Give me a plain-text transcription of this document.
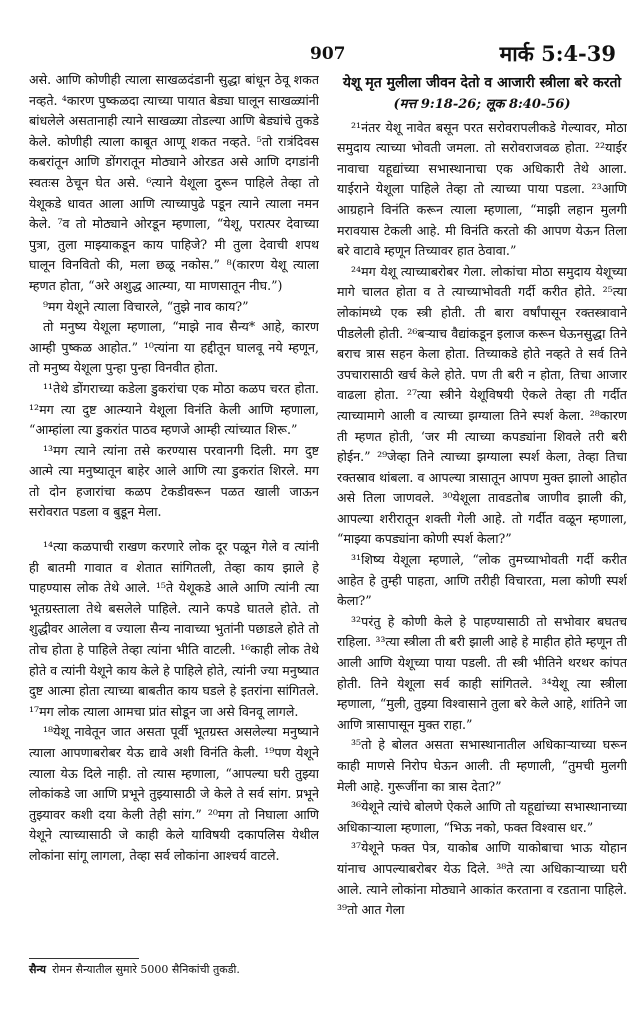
907	मार्क 5:4-39

असे. आणि कोणीही त्याला साखळदंडानी सुद्धा बांधून ठेवू शकत नव्हते. ⁴कारण पुष्कळदा त्याच्या पायात बेड्या घालून साखळ्यांनी बांधलेले असतानाही त्याने साखळ्या तोडल्या आणि बेड्यांचे तुकडे केले. कोणीही त्याला काबूत आणू शकत नव्हते. ⁵तो रात्रंदिवस कबरांतून आणि डोंगरातून मोठ्याने ओरडत असे आणि दगडांनी स्वतःस ठेचून घेत असे. ⁶त्याने येशूला दुरून पाहिले तेव्हा तो येशूकडे धावत आला आणि त्याच्यापुढे पडून त्याने त्याला नमन केले. ⁷व तो मोठ्याने ओरडून म्हणाला, “येशू, परात्पर देवाच्या पुत्रा, तुला माझ्याकडून काय पाहिजे? मी तुला देवाची शपथ घालून विनवितो की, मला छळू नकोस.” ⁸(कारण येशू त्याला म्हणत होता, “अरे अशुद्ध आत्म्या, या माणसातून नीघ.”)

⁹मग येशूने त्याला विचारले, “तुझे नाव काय?”

तो मनुष्य येशूला म्हणाला, “माझे नाव सैन्य* आहे, कारण आम्ही पुष्कळ आहोत.” ¹⁰त्यांना या हद्दीतून घालवू नये म्हणून, तो मनुष्य येशूला पुन्हा पुन्हा विनवीत होता.

¹¹तेथे डोंगराच्या कडेला डुकरांचा एक मोठा कळप चरत होता. ¹²मग त्या दुष्ट आत्म्याने येशूला विनंति केली आणि म्हणाला, “आम्हांला त्या डुकरांत पाठव म्हणजे आम्ही त्यांच्यात शिरू.”

¹³मग त्याने त्यांना तसे करण्यास परवानगी दिली. मग दुष्ट आत्मे त्या मनुष्यातून बाहेर आले आणि त्या डुकरांत शिरले. मग तो दोन हजारांचा कळप टेकडीवरून पळत खाली जाऊन सरोवरात पडला व बुडून मेला.

¹⁴त्या कळपाची राखण करणारे लोक दूर पळून गेले व त्यांनी ही बातमी गावात व शेतात सांगितली, तेव्हा काय झाले हे पाहण्यास लोक तेथे आले. ¹⁵ते येशूकडे आले आणि त्यांनी त्या भूतग्रस्ताला तेथे बसलेले पाहिले. त्याने कपडे घातले होते. तो शुद्धीवर आलेला व ज्याला सैन्य नावाच्या भुतांनी पछाडले होते तो तोच होता हे पाहिले तेव्हा त्यांना भीति वाटली. ¹⁶काही लोक तेथे होते व त्यांनी येशूने काय केले हे पाहिले होते, त्यांनी ज्या मनुष्यात दुष्ट आत्मा होता त्याच्या बाबतीत काय घडले हे इतरांना सांगितले. ¹⁷मग लोक त्याला आमचा प्रांत सोडून जा असे विनवू लागले.

¹⁸येशू नावेतून जात असता पूर्वी भूतग्रस्त असलेल्या मनुष्याने त्याला आपणाबरोबर येऊ द्यावे अशी विनंति केली. ¹⁹पण येशूने त्याला येऊ दिले नाही. तो त्यास म्हणाला, “आपल्या घरी तुझ्या लोकांकडे जा आणि प्रभूने तुझ्यासाठी जे केले ते सर्व सांग. प्रभूने तुझ्यावर कशी दया केली तेही सांग.” ²⁰मग तो निघाला आणि येशूने त्याच्यासाठी जे काही केले याविषयी दकापलिस येथील लोकांना सांगू लागला, तेव्हा सर्व लोकांना आश्चर्य वाटले.

येशू मृत मुलीला जीवन देतो व आजारी स्त्रीला बरे करतो
(मत्त 9:18-26; लूक 8:40-56)

²¹नंतर येशू नावेत बसून परत सरोवरापलीकडे गेल्यावर, मोठा समुदाय त्याच्या भोवती जमला. तो सरोवराजवळ होता. ²²याईर नावाचा यहूद्यांच्या सभास्थानाचा एक अधिकारी तेथे आला. याईराने येशूला पाहिले तेव्हा तो त्याच्या पाया पडला. ²³आणि आग्रहाने विनंति करून त्याला म्हणाला, “माझी लहान मुलगी मरावयास टेकली आहे. मी विनंति करतो की आपण येऊन तिला बरे वाटावे म्हणून तिच्यावर हात ठेवावा.”

²⁴मग येशू त्याच्याबरोबर गेला. लोकांचा मोठा समुदाय येशूच्या मागे चालत होता व ते त्याच्याभोवती गर्दी करीत होते. ²⁵त्या लोकांमध्ये एक स्त्री होती. ती बारा वर्षांपासून रक्तस्त्रावाने पीडलेली होती. ²⁶बऱ्याच वैद्यांकडून इलाज करून घेऊनसुद्धा तिने बराच त्रास सहन केला होता. तिच्याकडे होते नव्हते ते सर्व तिने उपचारासाठी खर्च केले होते. पण ती बरी न होता, तिचा आजार वाढला होता. ²⁷त्या स्त्रीने येशूविषयी ऐकले तेव्हा ती गर्दीत त्याच्यामागे आली व त्याच्या झग्याला तिने स्पर्श केला. ²⁸कारण ती म्हणत होती, ‘जर मी त्याच्या कपड्यांना शिवले तरी बरी होईन.” ²⁹जेव्हा तिने त्याच्या झग्याला स्पर्श केला, तेव्हा तिचा रक्तस्राव थांबला. व आपल्या त्रासातून आपण मुक्त झालो आहोत असे तिला जाणवले. ³⁰येशूला तावडतोब जाणीव झाली की, आपल्या शरीरातून शक्ती गेली आहे. तो गर्दीत वळून म्हणाला, “माझ्या कपड्यांना कोणी स्पर्श केला?”

³¹शिष्य येशूला म्हणाले, “लोक तुमच्याभोवती गर्दी करीत आहेत हे तुम्ही पाहता, आणि तरीही विचारता, मला कोणी स्पर्श केला?”

³²परंतु हे कोणी केले हे पाहण्यासाठी तो सभोवार बघतच राहिला. ³³त्या स्त्रीला ती बरी झाली आहे हे माहीत होते म्हणून ती आली आणि येशूच्या पाया पडली. ती स्त्री भीतिने थरथर कांपत होती. तिने येशूला सर्व काही सांगितले. ³⁴येशू त्या स्त्रीला म्हणाला, “मुली, तुझ्या विश्वासाने तुला बरे केले आहे, शांतिने जा आणि त्रासापासून मुक्त राहा.”

³⁵तो हे बोलत असता सभास्थानातील अधिकाऱ्याच्या घरून काही माणसे निरोप घेऊन आली. ती म्हणाली, “तुमची मुलगी मेली आहे. गुरूजींना का त्रास देता?”

³⁶येशूने त्यांचे बोलणे ऐकले आणि तो यहूद्यांच्या सभास्थानाच्या अधिकाऱ्याला म्हणाला, “भिऊ नको, फक्त विश्वास धर.”

³⁷येशूने फक्त पेत्र, याकोब आणि याकोबाचा भाऊ योहान यांनाच आपल्याबरोबर येऊ दिले. ³⁸ते त्या अधिकाऱ्याच्या घरी आले. त्याने लोकांना मोठ्याने आकांत करताना व रडताना पाहिले. ³⁹तो आत गेला

सैन्य रोमन सैन्यातील सुमारे 5000 सैनिकांची तुकडी.
